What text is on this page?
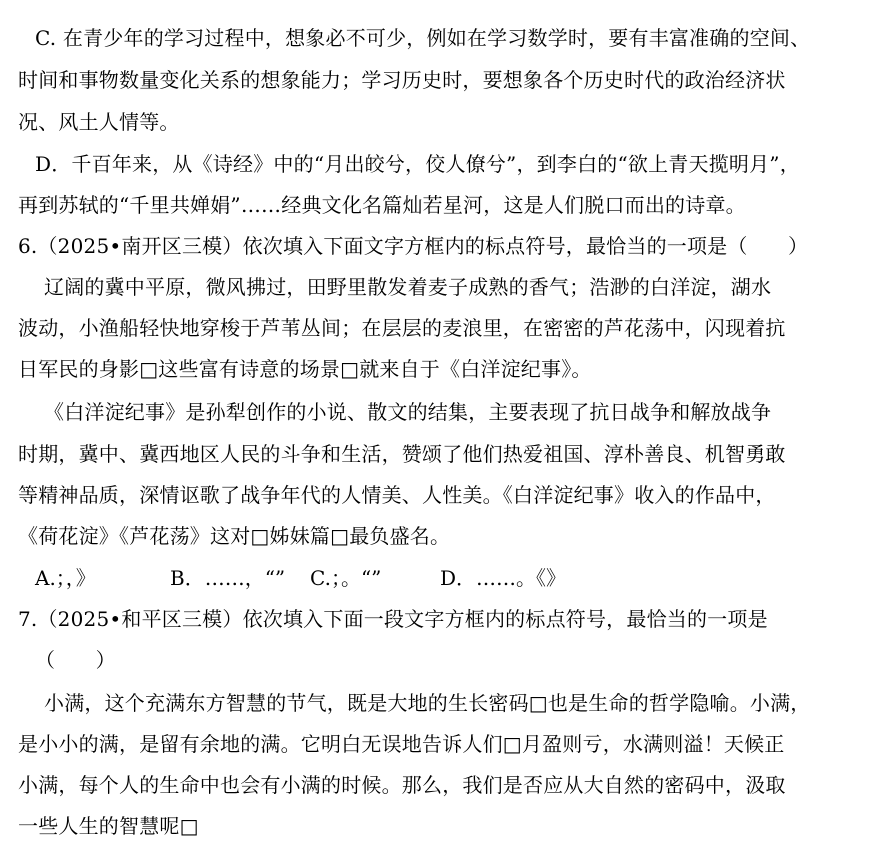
C. 在青少年的学习过程中，想象必不可少，例如在学习数学时，要有丰富准确的空间、
时间和事物数量变化关系的想象能力；学习历史时，要想象各个历史时代的政治经济状
况、风土人情等。
D．千百年来，从《诗经》中的“月出皎兮，佼人僚兮”，到李白的“欲上青天揽明月”，
再到苏轼的“千里共婵娟”……经典文化名篇灿若星河，这是人们脱口而出的诗章。
6.（2025•南开区三模）依次填入下面文字方框内的标点符号，最恰当的一项是（　　）
辽阔的冀中平原，微风拂过，田野里散发着麦子成熟的香气；浩渺的白洋淀，湖水
波动，小渔船轻快地穿梭于芦苇丛间；在层层的麦浪里，在密密的芦花荡中，闪现着抗
日军民的身影□这些富有诗意的场景□就来自于《白洋淀纪事》。
《白洋淀纪事》是孙犁创作的小说、散文的结集，主要表现了抗日战争和解放战争
时期，冀中、冀西地区人民的斗争和生活，赞颂了他们热爱祖国、淳朴善良、机智勇敢
等精神品质，深情讴歌了战争年代的人情美、人性美。《白洋淀纪事》收入的作品中，
《荷花淀》《芦花荡》这对□姊妹篇□最负盛名。
A.；，》	B．……，“” C.；。“”	D．……。《》
7.（2025•和平区三模）依次填入下面一段文字方框内的标点符号，最恰当的一项是
（　　）
小满，这个充满东方智慧的节气，既是大地的生长密码□也是生命的哲学隐喻。小满，
是小小的满，是留有余地的满。它明白无误地告诉人们□月盈则亏，水满则溢！天候正
小满，每个人的生命中也会有小满的时候。那么，我们是否应从大自然的密码中，汲取
一些人生的智慧呢□
